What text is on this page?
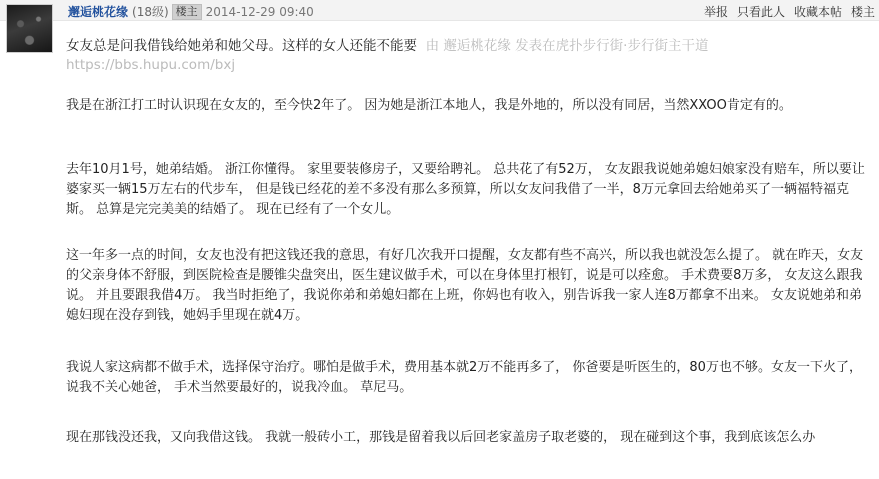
邂逅桃花缘 (18级) 楼主 2014-12-29 09:40	举报 只看此人 收藏本帖 楼主
女友总是问我借钱给她弟和她父母。这样的女人还能不能要 由 邂逅桃花缘 发表在虎扑步行街·步行街主干道 https://bbs.hupu.com/bxj
我是在浙江打工时认识现在女友的，至今快2年了。 因为她是浙江本地人，我是外地的，所以没有同居，当然XXOO肯定有的。
去年10月1号，她弟结婚。 浙江你懂得。 家里要装修房子，又要给聘礼。 总共花了有52万， 女友跟我说她弟媳妇娘家没有赔车，所以要让婆家买一辆15万左右的代步车， 但是钱已经花的差不多没有那么多预算，所以女友问我借了一半，8万元拿回去给她弟买了一辆福特福克斯。 总算是完完美美的结婚了。 现在已经有了一个女儿。
这一年多一点的时间，女友也没有把这钱还我的意思，有好几次我开口提醒，女友都有些不高兴，所以我也就没怎么提了。 就在昨天，女友的父亲身体不舒服，到医院检查是腰锥尖盘突出，医生建议做手术，可以在身体里打根钉，说是可以痊愈。 手术费要8万多， 女友这么跟我说。 并且要跟我借4万。 我当时拒绝了，我说你弟和弟媳妇都在上班，你妈也有收入，别告诉我一家人连8万都拿不出来。 女友说她弟和弟媳妇现在没存到钱，她妈手里现在就4万。
我说人家这病都不做手术，选择保守治疗。哪怕是做手术，费用基本就2万不能再多了， 你爸要是听医生的，80万也不够。女友一下火了，说我不关心她爸， 手术当然要最好的，说我冷血。 草尼马。
现在那钱没还我，又向我借这钱。 我就一般砖小工，那钱是留着我以后回老家盖房子取老婆的， 现在碰到这个事，我到底该怎么办
